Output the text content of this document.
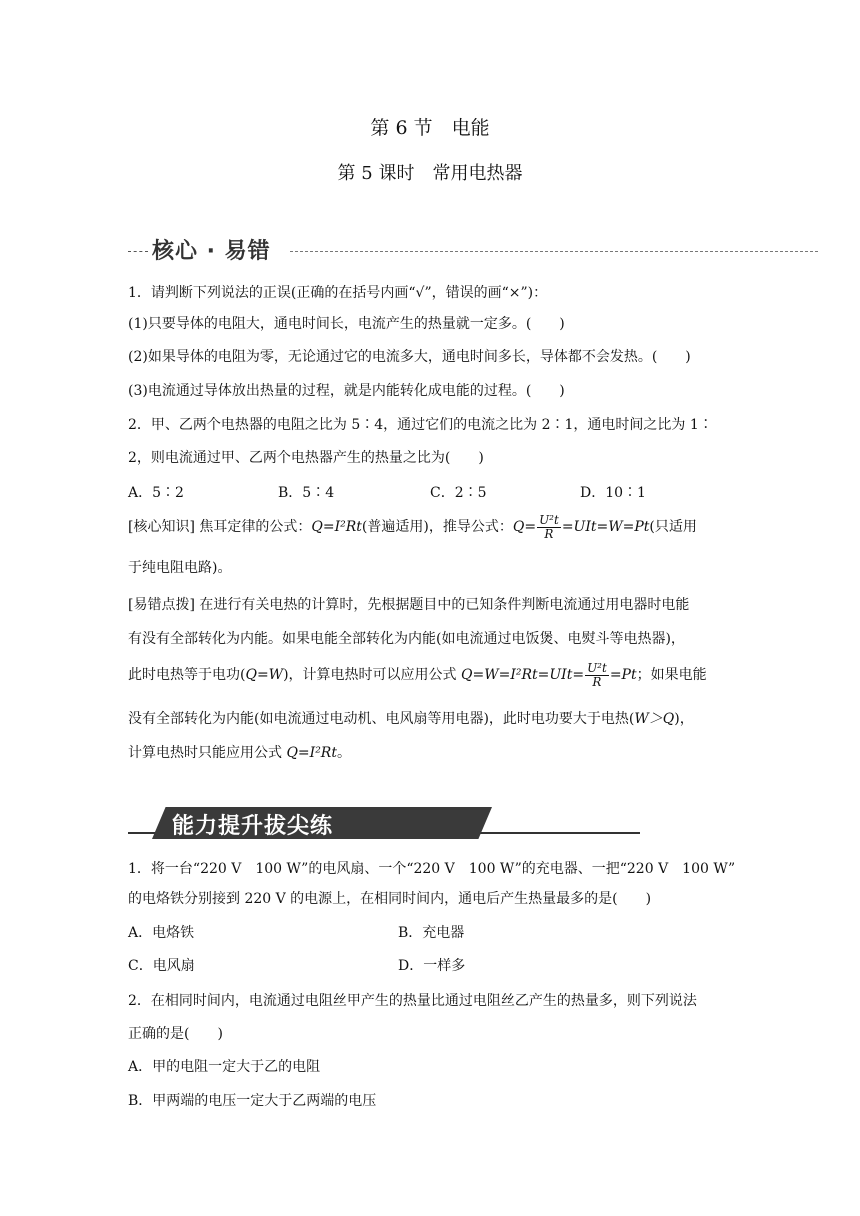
第 6 节　电能
第 5 课时　常用电热器
核心 · 易错
1．请判断下列说法的正误(正确的在括号内画“√”，错误的画“×”)：
(1)只要导体的电阻大，通电时间长，电流产生的热量就一定多。(　　)
(2)如果导体的电阻为零，无论通过它的电流多大，通电时间多长，导体都不会发热。(　　)
(3)电流通过导体放出热量的过程，就是内能转化成电能的过程。(　　)
2．甲、乙两个电热器的电阻之比为 5∶4，通过它们的电流之比为 2∶1，通电时间之比为 1∶
2，则电流通过甲、乙两个电热器产生的热量之比为(　　)
A．5∶2	B．5∶4	C．2∶5	D．10∶1
[核心知识] 焦耳定律的公式：Q=I²Rt(普遍适用)，推导公式：$Q= \frac{\text{U²t}}{R} =UIt=W=Pt$(只适用
于纯电阻电路)。
[易错点拨] 在进行有关电热的计算时，先根据题目中的已知条件判断电流通过用电器时电能
有没有全部转化为内能。如果电能全部转化为内能(如电流通过电饭煲、电熨斗等电热器)，
此时电热等于电功(Q=W)，计算电热时可以应用公式 $Q=W=I^2Rt=UIt= \frac{\text{U²t}}{R} =Pt$；如果电能
没有全部转化为内能(如电流通过电动机、电风扇等用电器)，此时电功要大于电热(W＞Q)，
计算电热时只能应用公式 Q=I²Rt。
能力提升拔尖练
1．将一台“220 V　100 W”的电风扇、一个“220 V　100 W”的充电器、一把“220 V　100 W”
的电烙铁分别接到 220 V 的电源上，在相同时间内，通电后产生热量最多的是(　　)
A．电烙铁	B．充电器
C．电风扇	D．一样多
2．在相同时间内，电流通过电阻丝甲产生的热量比通过电阻丝乙产生的热量多，则下列说法
正确的是(　　)
A．甲的电阻一定大于乙的电阻
B．甲两端的电压一定大于乙两端的电压
